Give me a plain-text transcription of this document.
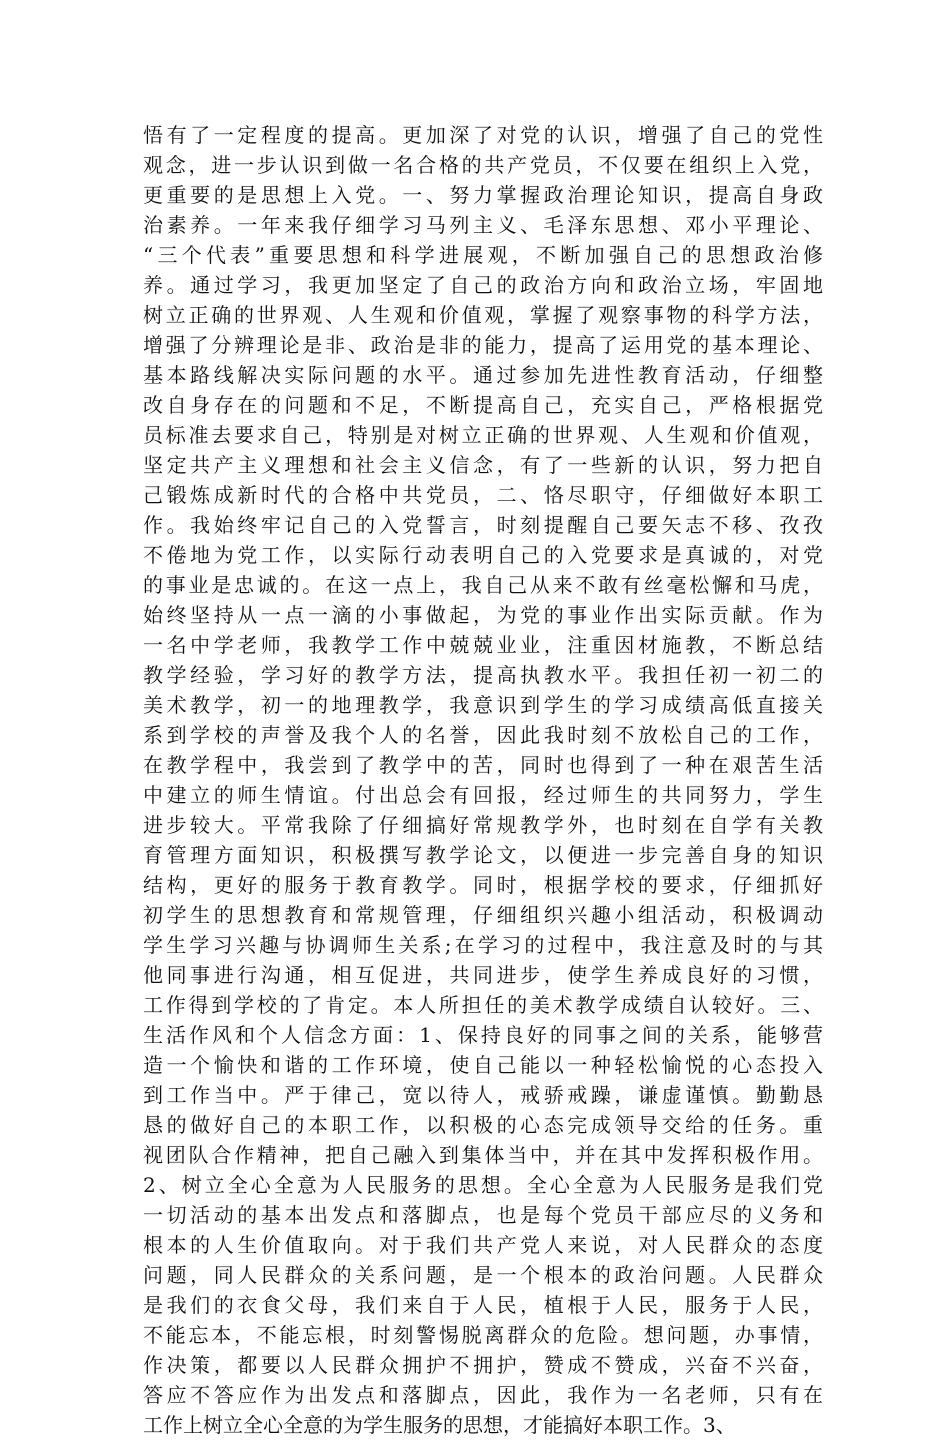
悟有了一定程度的提高。更加深了对党的认识，增强了自己的党性
观念，进一步认识到做一名合格的共产党员，不仅要在组织上入党，
更重要的是思想上入党。一、努力掌握政治理论知识，提高自身政
治素养。一年来我仔细学习马列主义、毛泽东思想、邓小平理论、
“三个代表”重要思想和科学进展观，不断加强自己的思想政治修
养。通过学习，我更加坚定了自己的政治方向和政治立场，牢固地
树立正确的世界观、人生观和价值观，掌握了观察事物的科学方法，
增强了分辨理论是非、政治是非的能力，提高了运用党的基本理论、
基本路线解决实际问题的水平。通过参加先进性教育活动，仔细整
改自身存在的问题和不足，不断提高自己，充实自己，严格根据党
员标准去要求自己，特别是对树立正确的世界观、人生观和价值观，
坚定共产主义理想和社会主义信念，有了一些新的认识，努力把自
己锻炼成新时代的合格中共党员，二、恪尽职守，仔细做好本职工
作。我始终牢记自己的入党誓言，时刻提醒自己要矢志不移、孜孜
不倦地为党工作，以实际行动表明自己的入党要求是真诚的，对党
的事业是忠诚的。在这一点上，我自己从来不敢有丝毫松懈和马虎，
始终坚持从一点一滴的小事做起，为党的事业作出实际贡献。作为
一名中学老师，我教学工作中兢兢业业，注重因材施教，不断总结
教学经验，学习好的教学方法，提高执教水平。我担任初一初二的
美术教学，初一的地理教学，我意识到学生的学习成绩高低直接关
系到学校的声誉及我个人的名誉，因此我时刻不放松自己的工作，
在教学程中，我尝到了教学中的苦，同时也得到了一种在艰苦生活
中建立的师生情谊。付出总会有回报，经过师生的共同努力，学生
进步较大。平常我除了仔细搞好常规教学外，也时刻在自学有关教
育管理方面知识，积极撰写教学论文，以便进一步完善自身的知识
结构，更好的服务于教育教学。同时，根据学校的要求，仔细抓好
初学生的思想教育和常规管理，仔细组织兴趣小组活动，积极调动
学生学习兴趣与协调师生关系;在学习的过程中，我注意及时的与其
他同事进行沟通，相互促进，共同进步，使学生养成良好的习惯，
工作得到学校的了肯定。本人所担任的美术教学成绩自认较好。三、
生活作风和个人信念方面：1、保持良好的同事之间的关系，能够营
造一个愉快和谐的工作环境，使自己能以一种轻松愉悦的心态投入
到工作当中。严于律己，宽以待人，戒骄戒躁，谦虚谨慎。勤勤恳
恳的做好自己的本职工作，以积极的心态完成领导交给的任务。重
视团队合作精神，把自己融入到集体当中，并在其中发挥积极作用。
2、树立全心全意为人民服务的思想。全心全意为人民服务是我们党
一切活动的基本出发点和落脚点，也是每个党员干部应尽的义务和
根本的人生价值取向。对于我们共产党人来说，对人民群众的态度
问题，同人民群众的关系问题，是一个根本的政治问题。人民群众
是我们的衣食父母，我们来自于人民，植根于人民，服务于人民，
不能忘本，不能忘根，时刻警惕脱离群众的危险。想问题，办事情，
作决策，都要以人民群众拥护不拥护，赞成不赞成，兴奋不兴奋，
答应不答应作为出发点和落脚点，因此，我作为一名老师，只有在
工作上树立全心全意的为学生服务的思想，才能搞好本职工作。3、
